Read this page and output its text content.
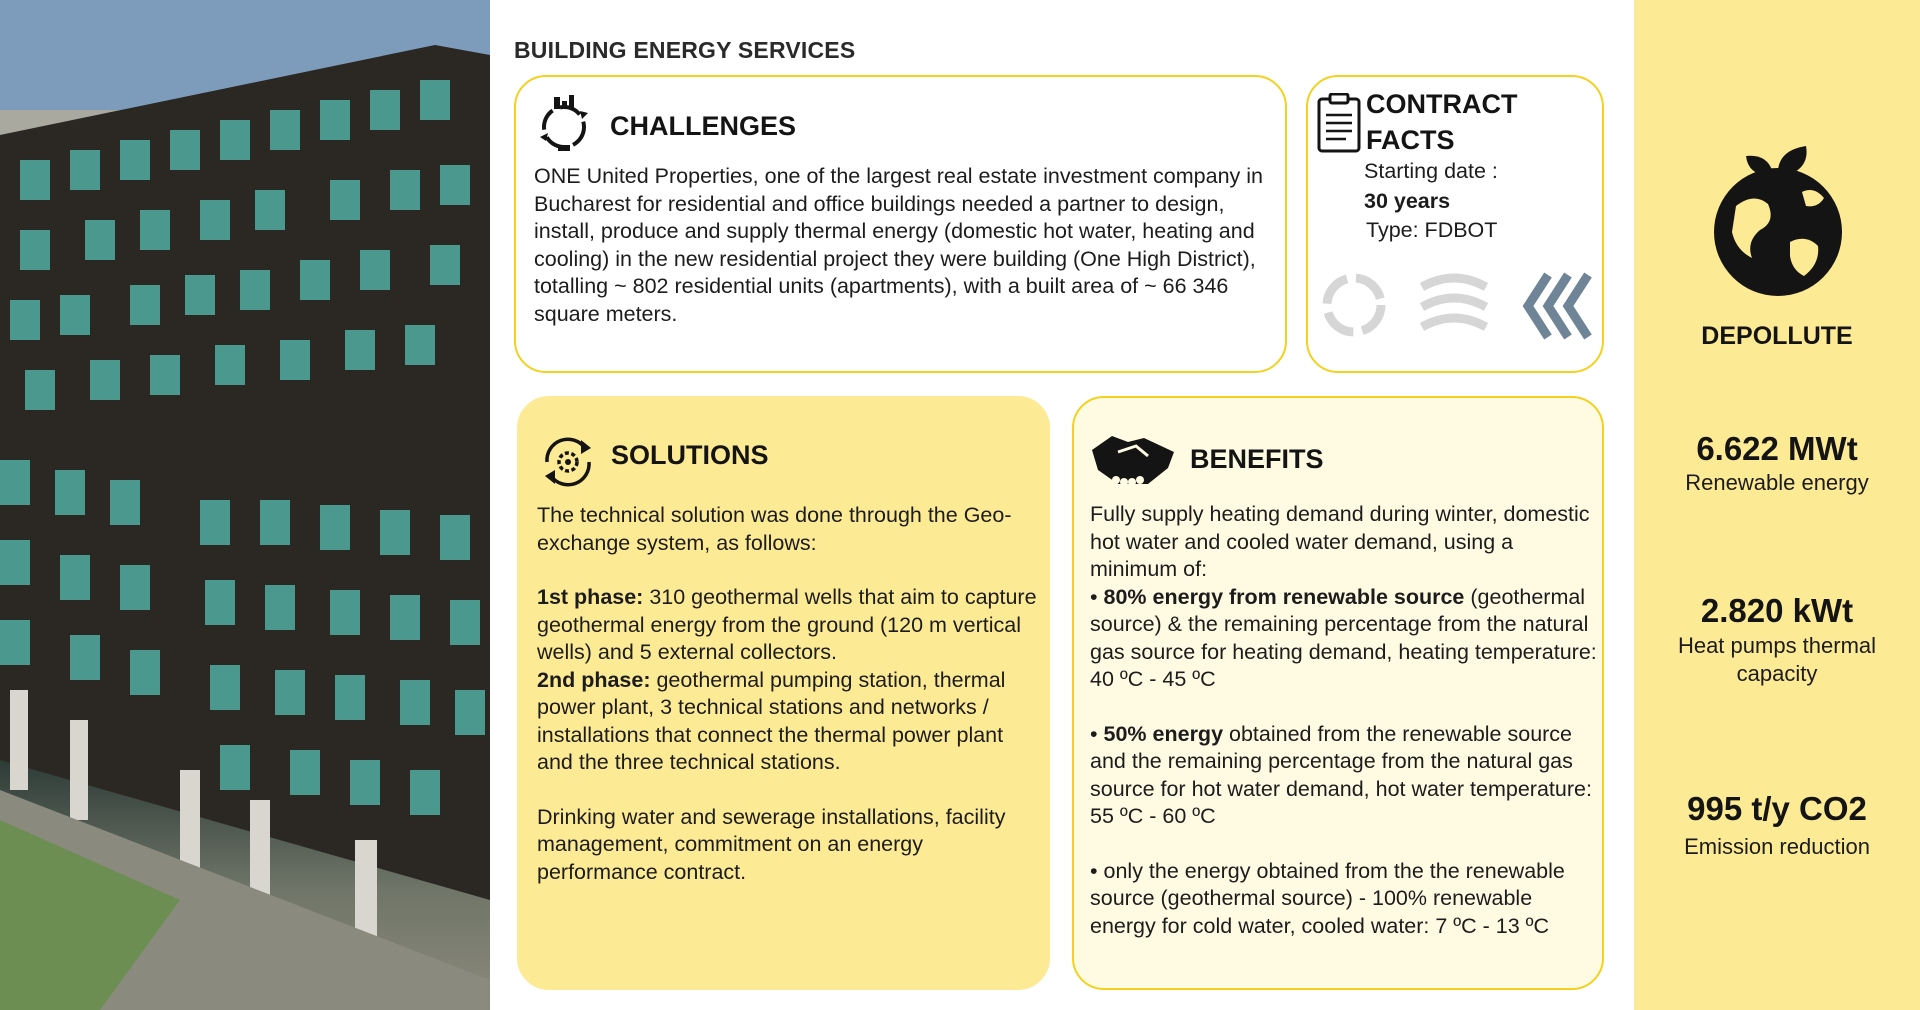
BUILDING ENERGY SERVICES
CHALLENGES
ONE United Properties, one of the largest real estate investment company in Bucharest for residential and office buildings needed a partner to design, install, produce and supply thermal energy (domestic hot water, heating and cooling) in the new residential project they were building (One High District), totalling ~ 802 residential units (apartments), with a built area of ~ 66 346 square meters.
CONTRACT
FACTS
Starting date :
30 years
Type: FDBOT
SOLUTIONS

The technical solution was done through the Geo-exchange system, as follows:

1st phase: 310 geothermal wells that aim to capture geothermal energy from the ground (120 m vertical wells) and 5 external collectors.

2nd phase: geothermal pumping station, thermal power plant, 3 technical stations and networks / installations that connect the thermal power plant and the three technical stations.

Drinking water and sewerage installations, facility management, commitment on an energy performance contract.

BENEFITS

Fully supply heating demand during winter, domestic hot water and cooled water demand, using a minimum of:

• 80% energy from renewable source (geothermal source) & the remaining percentage from the natural gas source for heating demand, heating temperature: 40 ºC - 45 ºC

• 50% energy obtained from the renewable source and the remaining percentage from the natural gas source for hot water demand, hot water temperature: 55 ºC - 60 ºC

• only the energy obtained from the the renewable source (geothermal source) - 100% renewable energy for cold water, cooled water: 7 ºC - 13 ºC

DEPOLLUTE
6.622 MWt
Renewable energy
2.820 kWt
Heat pumps thermal capacity
995 t/y CO2
Emission reduction
